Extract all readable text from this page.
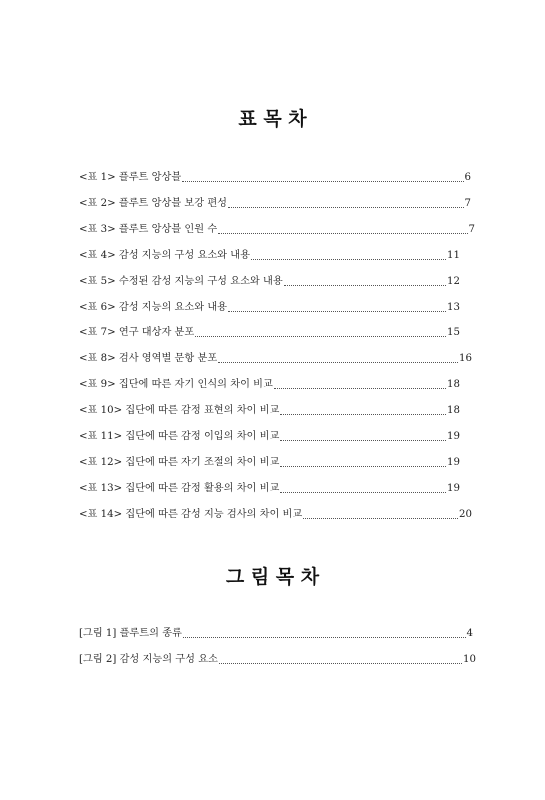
표 목 차
<표 1> 플루트 앙상블	6
<표 2> 플루트 앙상블 보강 편성	7
<표 3> 플루트 앙상블 인원 수	7
<표 4> 감성 지능의 구성 요소와 내용	11
<표 5> 수정된 감성 지능의 구성 요소와 내용	12
<표 6> 감성 지능의 요소와 내용	13
<표 7> 연구 대상자 분포	15
<표 8> 검사 영역별 문항 분포	16
<표 9> 집단에 따른 자기 인식의 차이 비교	18
<표 10> 집단에 따른 감정 표현의 차이 비교	18
<표 11> 집단에 따른 감정 이입의 차이 비교	19
<표 12> 집단에 따른 자기 조절의 차이 비교	19
<표 13> 집단에 따른 감정 활용의 차이 비교	19
<표 14> 집단에 따른 감성 지능 검사의 차이 비교	20
그 림 목 차
[그림 1] 플루트의 종류	4
[그림 2] 감성 지능의 구성 요소	10
